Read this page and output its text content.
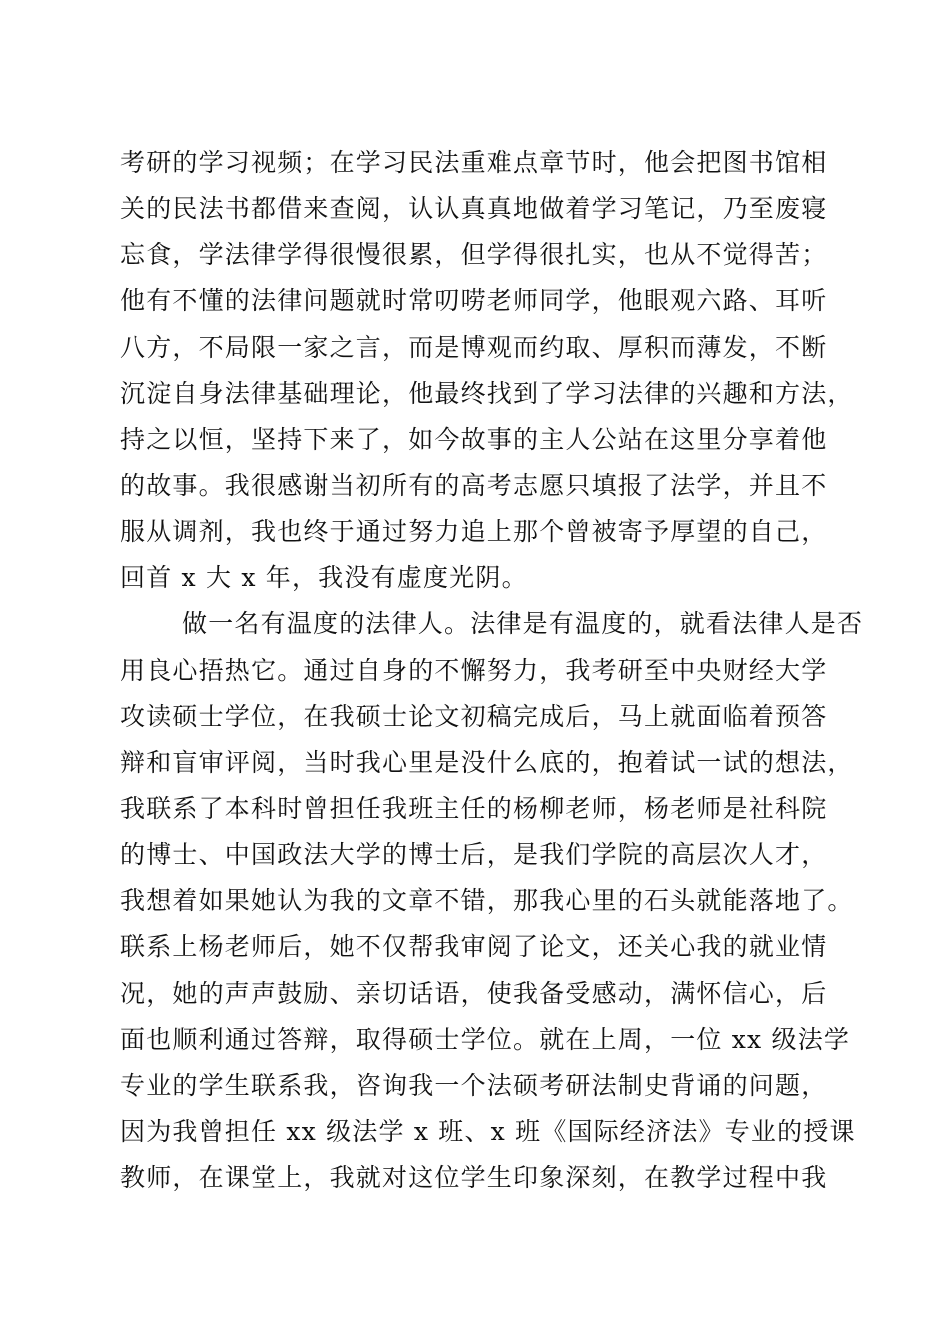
考研的学习视频；在学习民法重难点章节时，他会把图书馆相
关的民法书都借来查阅，认认真真地做着学习笔记，乃至废寝
忘食，学法律学得很慢很累，但学得很扎实，也从不觉得苦；
他有不懂的法律问题就时常叨唠老师同学，他眼观六路、耳听
八方，不局限一家之言，而是博观而约取、厚积而薄发，不断
沉淀自身法律基础理论，他最终找到了学习法律的兴趣和方法，
持之以恒，坚持下来了，如今故事的主人公站在这里分享着他
的故事。我很感谢当初所有的高考志愿只填报了法学，并且不
服从调剂，我也终于通过努力追上那个曾被寄予厚望的自己，
回首 x 大 x 年，我没有虚度光阴。
做一名有温度的法律人。法律是有温度的，就看法律人是否
用良心捂热它。通过自身的不懈努力，我考研至中央财经大学
攻读硕士学位，在我硕士论文初稿完成后，马上就面临着预答
辩和盲审评阅，当时我心里是没什么底的，抱着试一试的想法，
我联系了本科时曾担任我班主任的杨柳老师，杨老师是社科院
的博士、中国政法大学的博士后，是我们学院的高层次人才，
我想着如果她认为我的文章不错，那我心里的石头就能落地了。
联系上杨老师后，她不仅帮我审阅了论文，还关心我的就业情
况，她的声声鼓励、亲切话语，使我备受感动，满怀信心，后
面也顺利通过答辩，取得硕士学位。就在上周，一位 xx 级法学
专业的学生联系我，咨询我一个法硕考研法制史背诵的问题，
因为我曾担任 xx 级法学 x 班、x 班《国际经济法》专业的授课
教师，在课堂上，我就对这位学生印象深刻，在教学过程中我
